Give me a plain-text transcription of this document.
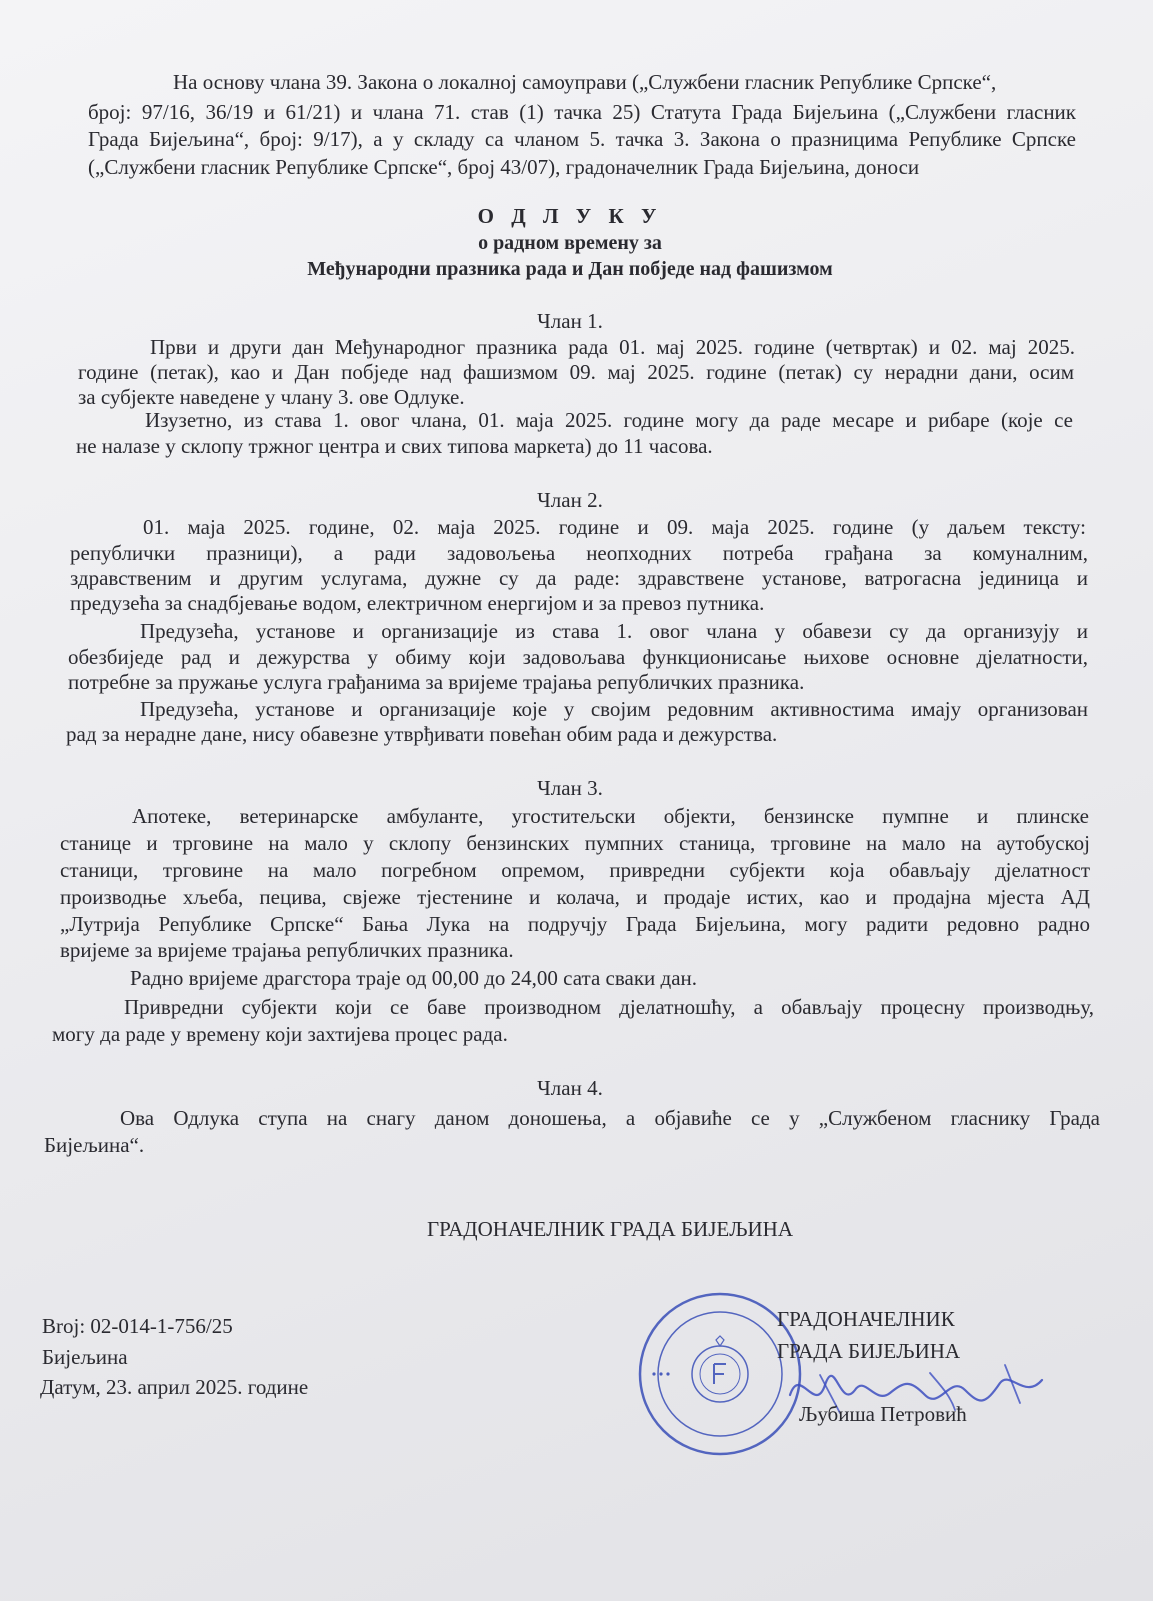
На основу члана 39. Закона о локалној самоуправи („Службени гласник Републике Српске“,
број: 97/16, 36/19 и 61/21) и члана 71. став (1) тачка 25) Статута Града Бијељина („Службени гласник
Града Бијељина“, број: 9/17), а у складу са чланом 5. тачка 3. Закона о празницима Републике Српске
(„Службени гласник Републике Српске“, број 43/07), градоначелник Града Бијељина, доноси
О Д Л У К У
о радном времену за
Међународни празника рада и Дан побједе над фашизмом
Члан 1.
Први и други дан Међународног празника рада 01. мај 2025. године (четвртак) и 02. мај 2025.
године (петак), као и Дан побједе над фашизмом 09. мај 2025. године (петак) су нерадни дани, осим
за субјекте наведене у члану 3. ове Одлуке.
Изузетно, из става 1. овог члана, 01. маја 2025. године могу да раде месаре и рибаре (које се
не налазе у склопу тржног центра и свих типова маркета) до 11 часова.
Члан 2.
01. маја 2025. године, 02. маја 2025. године и 09. маја 2025. године (у даљем тексту:
републички празници), а ради задовољења неопходних потреба грађана за комуналним,
здравственим и другим услугама, дужне су да раде: здравствене установе, ватрогасна јединица и
предузећа за снадбјевање водом, електричном енергијом и за превоз путника.
Предузећа, установе и организације из става 1. овог члана у обавези су да организују и
обезбиједе рад и дежурства у обиму који задовољава функционисање њихове основне дјелатности,
потребне за пружање услуга грађанима за вријеме трајања републичких празника.
Предузећа, установе и организације које у својим редовним активностима имају организован
рад за нерадне дане, нису обавезне утврђивати повећан обим рада и дежурства.
Члан 3.
Апотеке, ветеринарске амбуланте, угоститељски објекти, бензинске пумпне и плинске
станице и трговине на мало у склопу бензинских пумпних станица, трговине на мало на аутобуској
станици, трговине на мало погребном опремом, привредни субјекти која обављају дјелатност
производње хљеба, пецива, свјеже тјестенине и колача, и продаје истих, као и продајна мјеста АД
„Лутрија Републике Српске“ Бања Лука на подручју Града Бијељина, могу радити редовно радно
вријеме за вријеме трајања републичких празника.
Радно вријеме драгстора траје од 00,00 до 24,00 сата сваки дан.
Привредни субјекти који се баве производном дјелатношћу, а обављају процесну производњу,
могу да раде у времену који захтијева процес рада.
Члан 4.
Ова Одлука ступа на снагу даном доношења, а објавиће се у „Службеном гласнику Града
Бијељина“.
ГРАДОНАЧЕЛНИК ГРАДА БИЈЕЉИНА
Broj: 02-014-1-756/25
Бијељина
Датум, 23. април 2025. године
ГРАДОНАЧЕЛНИК
ГРАДА БИЈЕЉИНА
Љубиша Петровић
